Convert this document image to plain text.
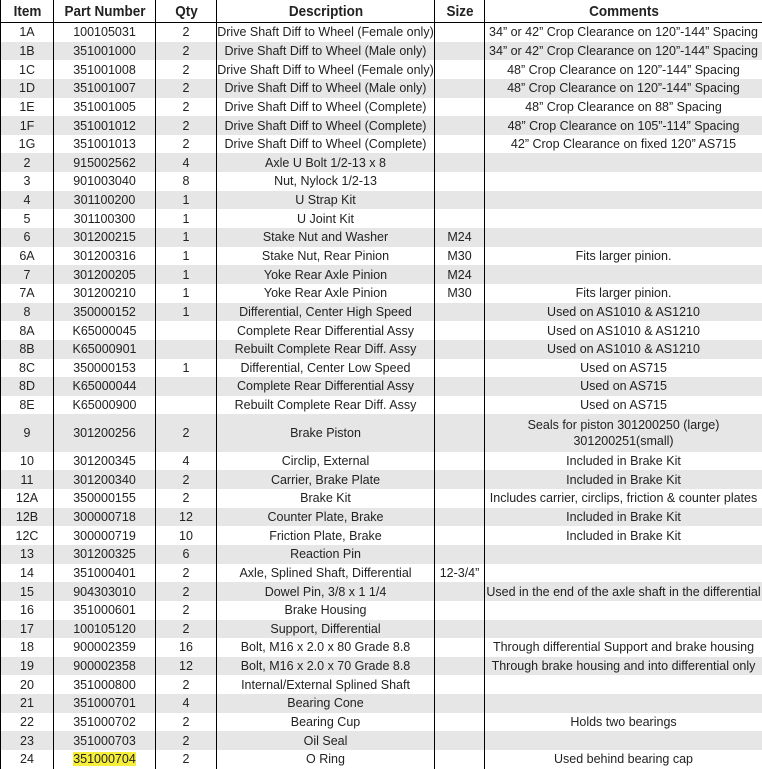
Item	Part Number	Qty	Description	Size	Comments
1A	100105031	2	Drive Shaft Diff to Wheel (Female only)		34” or 42” Crop Clearance on 120”-144” Spacing
1B	351001000	2	Drive Shaft Diff to Wheel (Male only)		34” or 42” Crop Clearance on 120”-144” Spacing
1C	351001008	2	Drive Shaft Diff to Wheel (Female only)		48” Crop Clearance on 120”-144” Spacing
1D	351001007	2	Drive Shaft Diff to Wheel (Male only)		48” Crop Clearance on 120”-144” Spacing
1E	351001005	2	Drive Shaft Diff to Wheel (Complete)		48” Crop Clearance on 88” Spacing
1F	351001012	2	Drive Shaft Diff to Wheel (Complete)		48” Crop Clearance on 105”-114” Spacing
1G	351001013	2	Drive Shaft Diff to Wheel (Complete)		42” Crop Clearance on fixed 120” AS715
2	915002562	4	Axle U Bolt 1/2-13 x 8		
3	901003040	8	Nut, Nylock 1/2-13		
4	301100200	1	U Strap Kit		
5	301100300	1	U Joint Kit		
6	301200215	1	Stake Nut and Washer	M24	
6A	301200316	1	Stake Nut, Rear Pinion	M30	Fits larger pinion.
7	301200205	1	Yoke Rear Axle Pinion	M24	
7A	301200210	1	Yoke Rear Axle Pinion	M30	Fits larger pinion.
8	350000152	1	Differential, Center High Speed		Used on AS1010 & AS1210
8A	K65000045		Complete Rear Differential Assy		Used on AS1010 & AS1210
8B	K65000901		Rebuilt Complete Rear Diff. Assy		Used on AS1010 & AS1210
8C	350000153	1	Differential, Center Low Speed		Used on AS715
8D	K65000044		Complete Rear Differential Assy		Used on AS715
8E	K65000900		Rebuilt Complete Rear Diff. Assy		Used on AS715
9	301200256	2	Brake Piston		Seals for piston 301200250 (large) 301200251(small)
10	301200345	4	Circlip, External		Included in Brake Kit
11	301200340	2	Carrier, Brake Plate		Included in Brake Kit
12A	350000155	2	Brake Kit		Includes carrier, circlips, friction & counter plates
12B	300000718	12	Counter Plate, Brake		Included in Brake Kit
12C	300000719	10	Friction Plate, Brake		Included in Brake Kit
13	301200325	6	Reaction Pin		
14	351000401	2	Axle, Splined Shaft, Differential	12-3/4”	
15	904303010	2	Dowel Pin, 3/8 x 1 1/4		Used in the end of the axle shaft in the differential
16	351000601	2	Brake Housing		
17	100105120	2	Support, Differential		
18	900002359	16	Bolt, M16 x 2.0 x 80 Grade 8.8		Through differential Support and brake housing
19	900002358	12	Bolt, M16 x 2.0 x 70 Grade 8.8		Through brake housing and into differential only
20	351000800	2	Internal/External Splined Shaft		
21	351000701	4	Bearing Cone		
22	351000702	2	Bearing Cup		Holds two bearings
23	351000703	2	Oil Seal		
24	351000704	2	O Ring		Used behind bearing cap
